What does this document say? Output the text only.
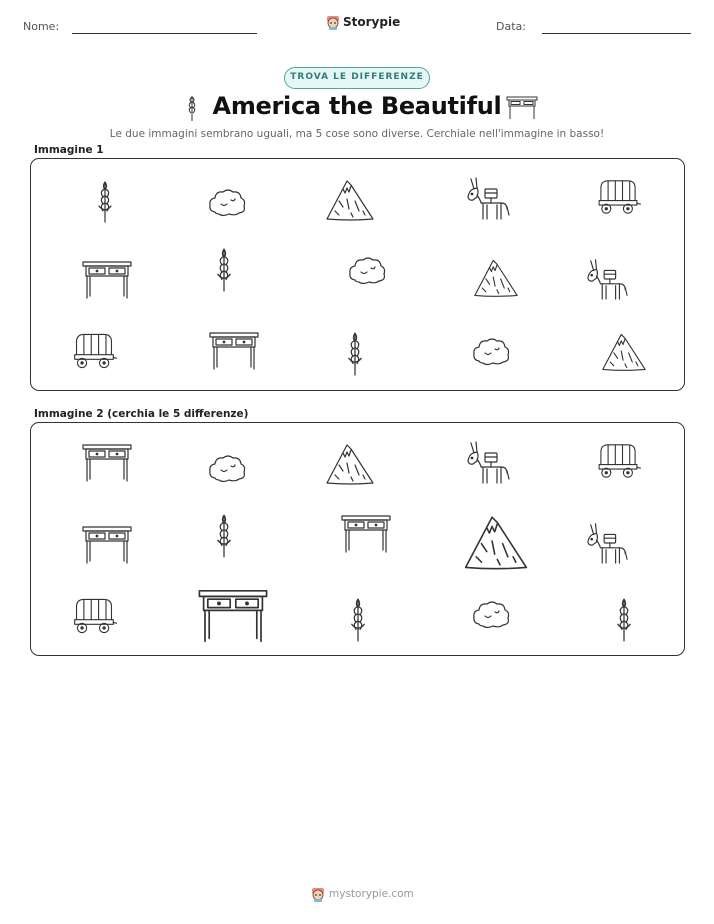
Nome:	Storypie	Data:
TROVA LE DIFFERENZE
America the Beautiful
Le due immagini sembrano uguali, ma 5 cose sono diverse. Cerchiale nell'immagine in basso!
Immagine 1
Immagine 2 (cerchia le 5 differenze)
mystorypie.com
